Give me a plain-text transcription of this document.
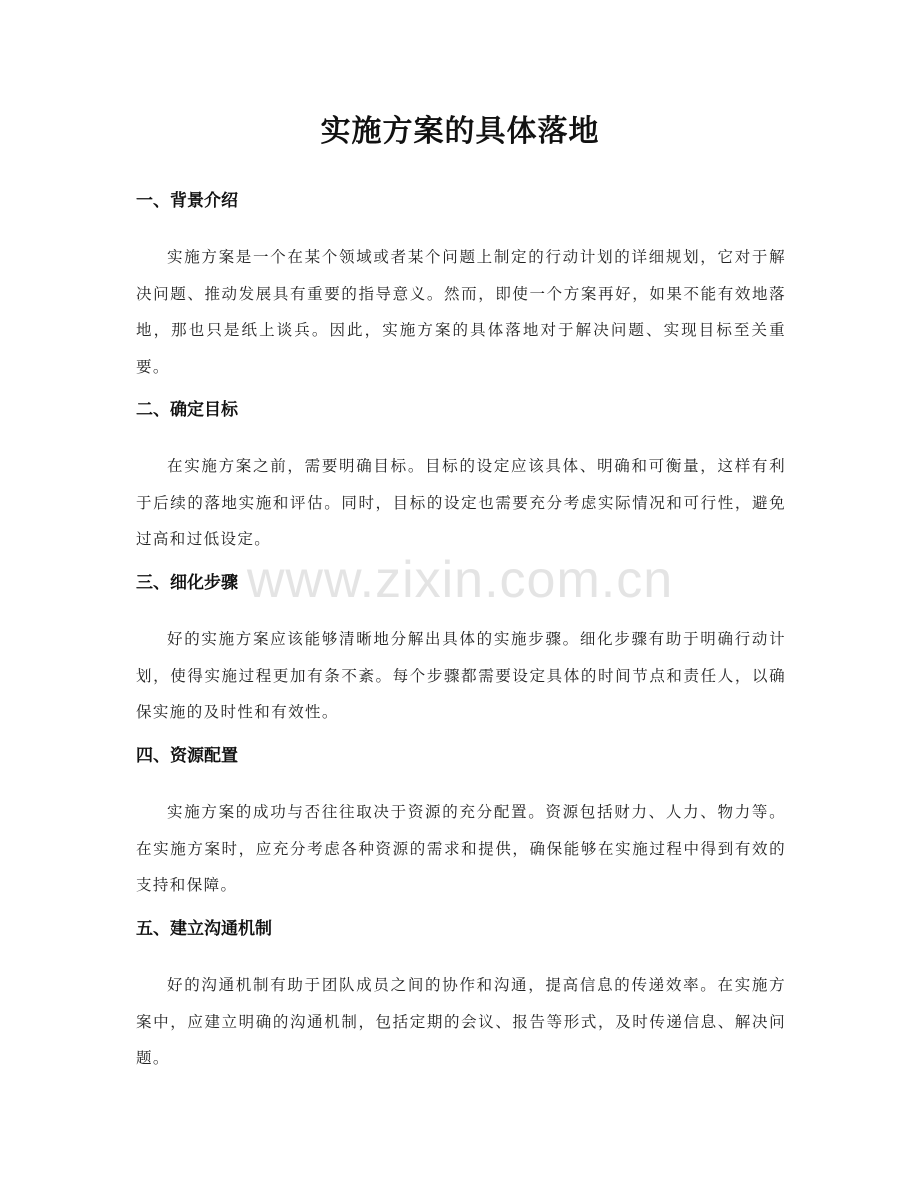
实施方案的具体落地
一、背景介绍

实施方案是一个在某个领域或者某个问题上制定的行动计划的详细规划，它对于解决问题、推动发展具有重要的指导意义。然而，即使一个方案再好，如果不能有效地落地，那也只是纸上谈兵。因此，实施方案的具体落地对于解决问题、实现目标至关重要。

二、确定目标

在实施方案之前，需要明确目标。目标的设定应该具体、明确和可衡量，这样有利于后续的落地实施和评估。同时，目标的设定也需要充分考虑实际情况和可行性，避免过高和过低设定。

三、细化步骤

好的实施方案应该能够清晰地分解出具体的实施步骤。细化步骤有助于明确行动计划，使得实施过程更加有条不紊。每个步骤都需要设定具体的时间节点和责任人，以确保实施的及时性和有效性。

四、资源配置

实施方案的成功与否往往取决于资源的充分配置。资源包括财力、人力、物力等。在实施方案时，应充分考虑各种资源的需求和提供，确保能够在实施过程中得到有效的支持和保障。

五、建立沟通机制

好的沟通机制有助于团队成员之间的协作和沟通，提高信息的传递效率。在实施方案中，应建立明确的沟通机制，包括定期的会议、报告等形式，及时传递信息、解决问题。

www.zixin.com.cn
